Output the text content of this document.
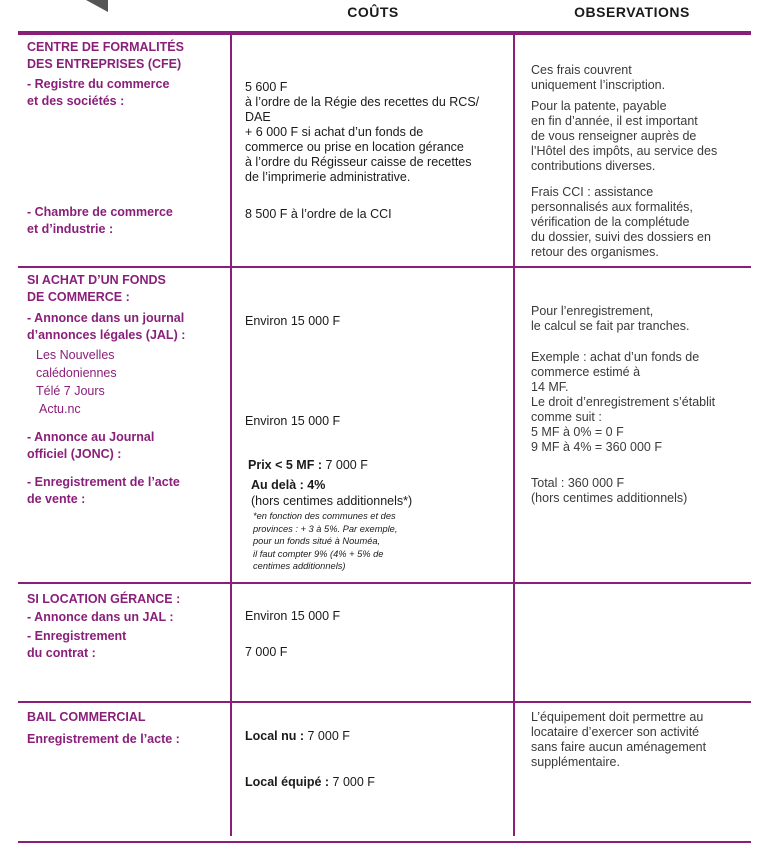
COÛTS	OBSERVATIONS
CENTRE DE FORMALITÉS
DES ENTREPRISES (CFE)
- Registre du commerce
et des sociétés :
- Chambre de commerce
et d’industrie :
5 600 F
à l’ordre de la Régie des recettes du RCS/
DAE
+ 6 000 F si achat d’un fonds de
commerce ou prise en location gérance
à l’ordre du Régisseur caisse de recettes
de l’imprimerie administrative.
8 500 F à l’ordre de la CCI
Ces frais couvrent
uniquement l’inscription.
Pour la patente, payable
en fin d’année, il est important
de vous renseigner auprès de
l’Hôtel des impôts, au service des
contributions diverses.
Frais CCI : assistance
personnalisés aux formalités,
vérification de la complétude
du dossier, suivi des dossiers en
retour des organismes.
SI ACHAT D’UN FONDS
DE COMMERCE :
- Annonce dans un journal
d’annonces légales (JAL) :
Les Nouvelles
calédoniennes
Télé 7 Jours
Actu.nc
- Annonce au Journal
officiel (JONC) :
- Enregistrement de l’acte
de vente :
Environ 15 000 F
Environ 15 000 F
Prix < 5 MF : 7 000 F
Au delà : 4%
(hors centimes additionnels*)
*en fonction des communes et des
provinces : + 3 à 5%. Par exemple,
pour un fonds situé à Nouméa,
il faut compter 9% (4% + 5% de
centimes additionnels)
Pour l’enregistrement,
le calcul se fait par tranches.
Exemple : achat d’un fonds de
commerce estimé à
14 MF.
Le droit d’enregistrement s’établit
comme suit :
5 MF à 0% = 0 F
9 MF à 4% = 360 000 F
Total : 360 000 F
(hors centimes additionnels)
SI LOCATION GÉRANCE :
- Annonce dans un JAL :
- Enregistrement
du contrat :
Environ 15 000 F
7 000 F
BAIL COMMERCIAL
Enregistrement de l’acte :	Local nu : 7 000 F
Local équipé : 7 000 F
L’équipement doit permettre au
locataire d’exercer son activité
sans faire aucun aménagement
supplémentaire.
